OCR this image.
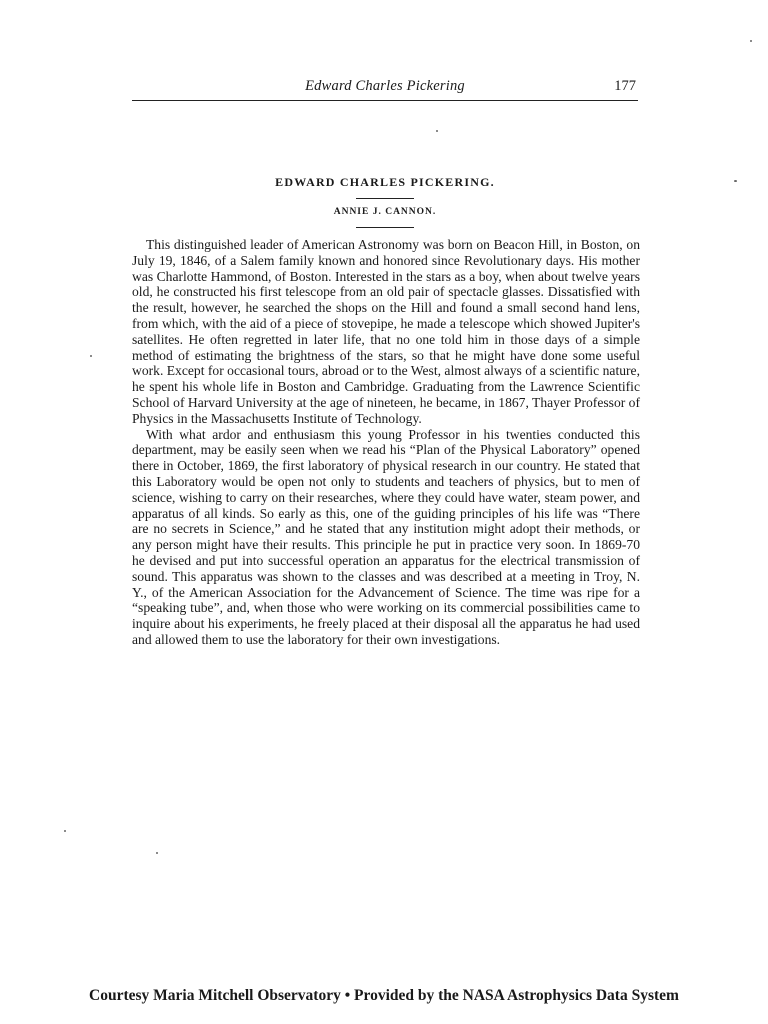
Edward Charles Pickering	177
EDWARD CHARLES PICKERING.
ANNIE J. CANNON.

This distinguished leader of American Astronomy was born on Beacon Hill, in Boston, on July 19, 1846, of a Salem family known and honored since Revolutionary days. His mother was Charlotte Hammond, of Boston. Interested in the stars as a boy, when about twelve years old, he constructed his first telescope from an old pair of spectacle glasses. Dissatisfied with the result, however, he searched the shops on the Hill and found a small second hand lens, from which, with the aid of a piece of stovepipe, he made a telescope which showed Jupiter's satellites. He often regretted in later life, that no one told him in those days of a simple method of estimating the brightness of the stars, so that he might have done some useful work. Except for occasional tours, abroad or to the West, almost always of a scientific nature, he spent his whole life in Boston and Cambridge. Graduating from the Lawrence Scientific School of Harvard University at the age of nineteen, he became, in 1867, Thayer Professor of Physics in the Massachusetts Institute of Technology.

With what ardor and enthusiasm this young Professor in his twenties conducted this department, may be easily seen when we read his “Plan of the Physical Laboratory” opened there in October, 1869, the first laboratory of physical research in our country. He stated that this Laboratory would be open not only to students and teachers of physics, but to men of science, wishing to carry on their researches, where they could have water, steam power, and apparatus of all kinds. So early as this, one of the guiding principles of his life was “There are no secrets in Science,” and he stated that any institution might adopt their methods, or any person might have their results. This principle he put in practice very soon. In 1869-70 he devised and put into successful operation an apparatus for the electrical transmission of sound. This apparatus was shown to the classes and was described at a meeting in Troy, N. Y., of the American Association for the Advancement of Science. The time was ripe for a “speaking tube”, and, when those who were working on its commercial possibilities came to inquire about his experiments, he freely placed at their disposal all the apparatus he had used and allowed them to use the laboratory for their own investigations.

Courtesy Maria Mitchell Observatory • Provided by the NASA Astrophysics Data System
